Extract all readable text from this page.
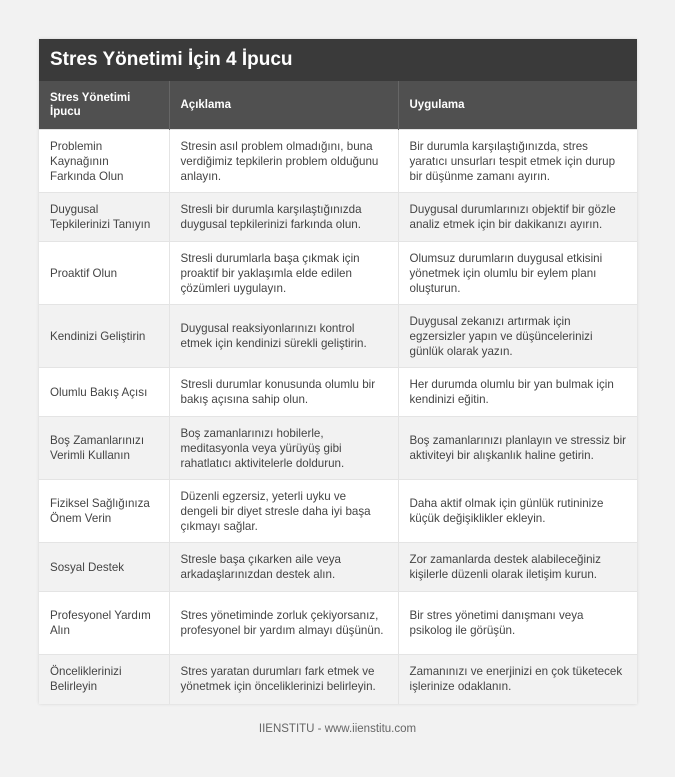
Stres Yönetimi İçin 4 İpucu
Stres Yönetimi İpucu	Açıklama	Uygulama
Problemin Kaynağının Farkında Olun	Stresin asıl problem olmadığını, buna verdiğimiz tepkilerin problem olduğunu anlayın.	Bir durumla karşılaştığınızda, stres yaratıcı unsurları tespit etmek için durup bir düşünme zamanı ayırın.
Duygusal Tepkilerinizi Tanıyın	Stresli bir durumla karşılaştığınızda duygusal tepkilerinizi farkında olun.	Duygusal durumlarınızı objektif bir gözle analiz etmek için bir dakikanızı ayırın.
Proaktif Olun	Stresli durumlarla başa çıkmak için proaktif bir yaklaşımla elde edilen çözümleri uygulayın.	Olumsuz durumların duygusal etkisini yönetmek için olumlu bir eylem planı oluşturun.
Kendinizi Geliştirin	Duygusal reaksiyonlarınızı kontrol etmek için kendinizi sürekli geliştirin.	Duygusal zekanızı artırmak için egzersizler yapın ve düşüncelerinizi günlük olarak yazın.
Olumlu Bakış Açısı	Stresli durumlar konusunda olumlu bir bakış açısına sahip olun.	Her durumda olumlu bir yan bulmak için kendinizi eğitin.
Boş Zamanlarınızı Verimli Kullanın	Boş zamanlarınızı hobilerle, meditasyonla veya yürüyüş gibi rahatlatıcı aktivitelerle doldurun.	Boş zamanlarınızı planlayın ve stressiz bir aktiviteyi bir alışkanlık haline getirin.
Fiziksel Sağlığınıza Önem Verin	Düzenli egzersiz, yeterli uyku ve dengeli bir diyet stresle daha iyi başa çıkmayı sağlar.	Daha aktif olmak için günlük rutininize küçük değişiklikler ekleyin.
Sosyal Destek	Stresle başa çıkarken aile veya arkadaşlarınızdan destek alın.	Zor zamanlarda destek alabileceğiniz kişilerle düzenli olarak iletişim kurun.
Profesyonel Yardım Alın	Stres yönetiminde zorluk çekiyorsanız, profesyonel bir yardım almayı düşünün.	Bir stres yönetimi danışmanı veya psikolog ile görüşün.
Önceliklerinizi Belirleyin	Stres yaratan durumları fark etmek ve yönetmek için önceliklerinizi belirleyin.	Zamanınızı ve enerjinizi en çok tüketecek işlerinize odaklanın.
IIENSTITU - www.iienstitu.com
